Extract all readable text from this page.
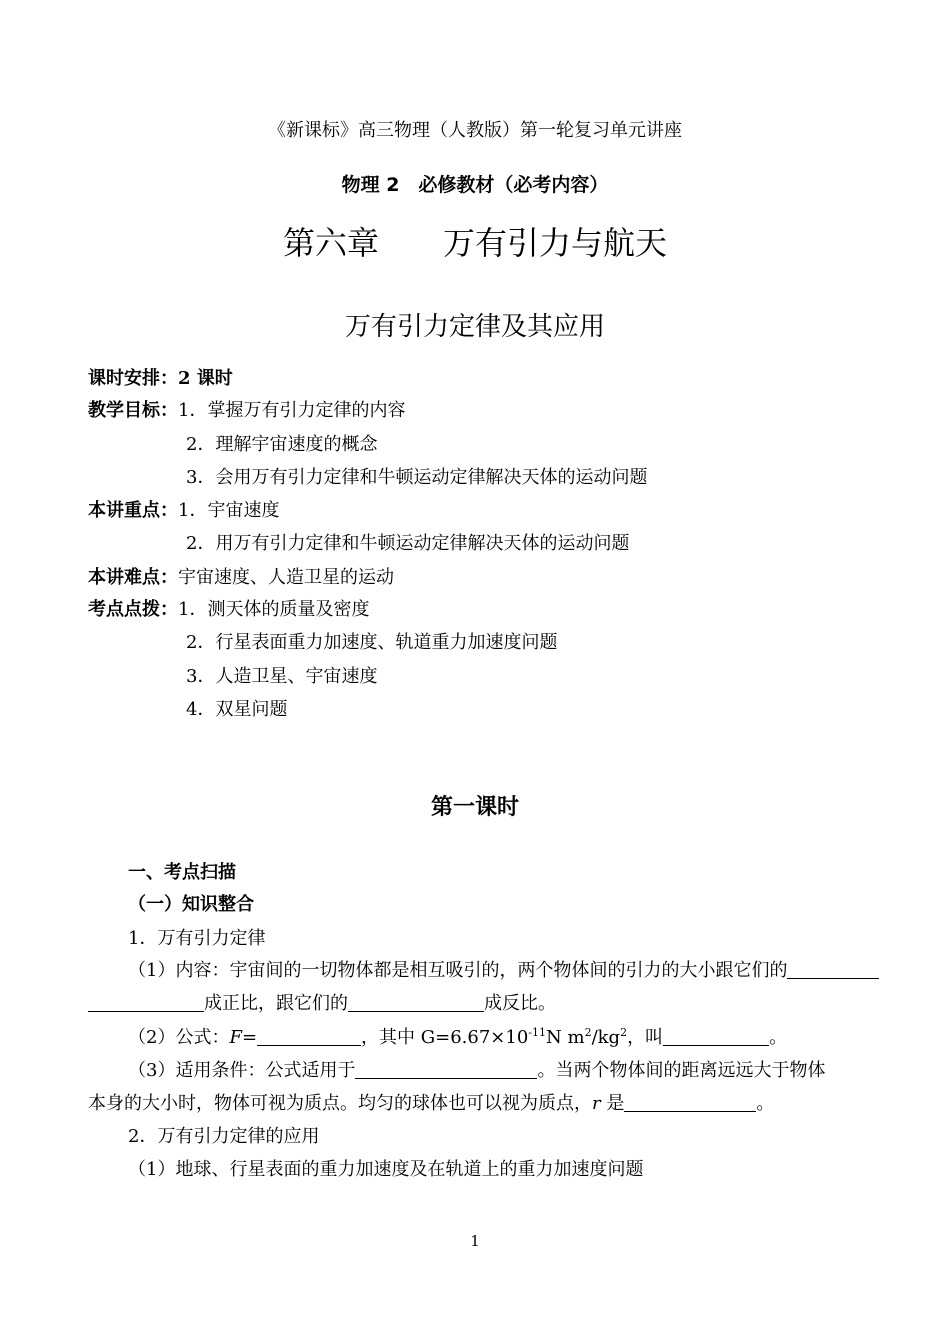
《新课标》高三物理（人教版）第一轮复习单元讲座
物理 2　必修教材（必考内容）
第六章　　万有引力与航天
万有引力定律及其应用
课时安排：2 课时
教学目标：1．掌握万有引力定律的内容
2．理解宇宙速度的概念
3．会用万有引力定律和牛顿运动定律解决天体的运动问题
本讲重点：1．宇宙速度
2．用万有引力定律和牛顿运动定律解决天体的运动问题
本讲难点：宇宙速度、人造卫星的运动
考点点拨：1．测天体的质量及密度
2．行星表面重力加速度、轨道重力加速度问题
3．人造卫星、宇宙速度
4．双星问题
第一课时
一、考点扫描
（一）知识整合
1．万有引力定律
（1）内容：宇宙间的一切物体都是相互吸引的，两个物体间的引力的大小跟它们的
成正比，跟它们的	成反比。
（2）公式：F=	，其中 $G=6.67\times 10^{-11}N$ $m^2/kg^2$，叫	。
（3）适用条件：公式适用于	。当两个物体间的距离远远大于物体
本身的大小时，物体可视为质点。均匀的球体也可以视为质点，r 是	。
2．万有引力定律的应用
（1）地球、行星表面的重力加速度及在轨道上的重力加速度问题
1
